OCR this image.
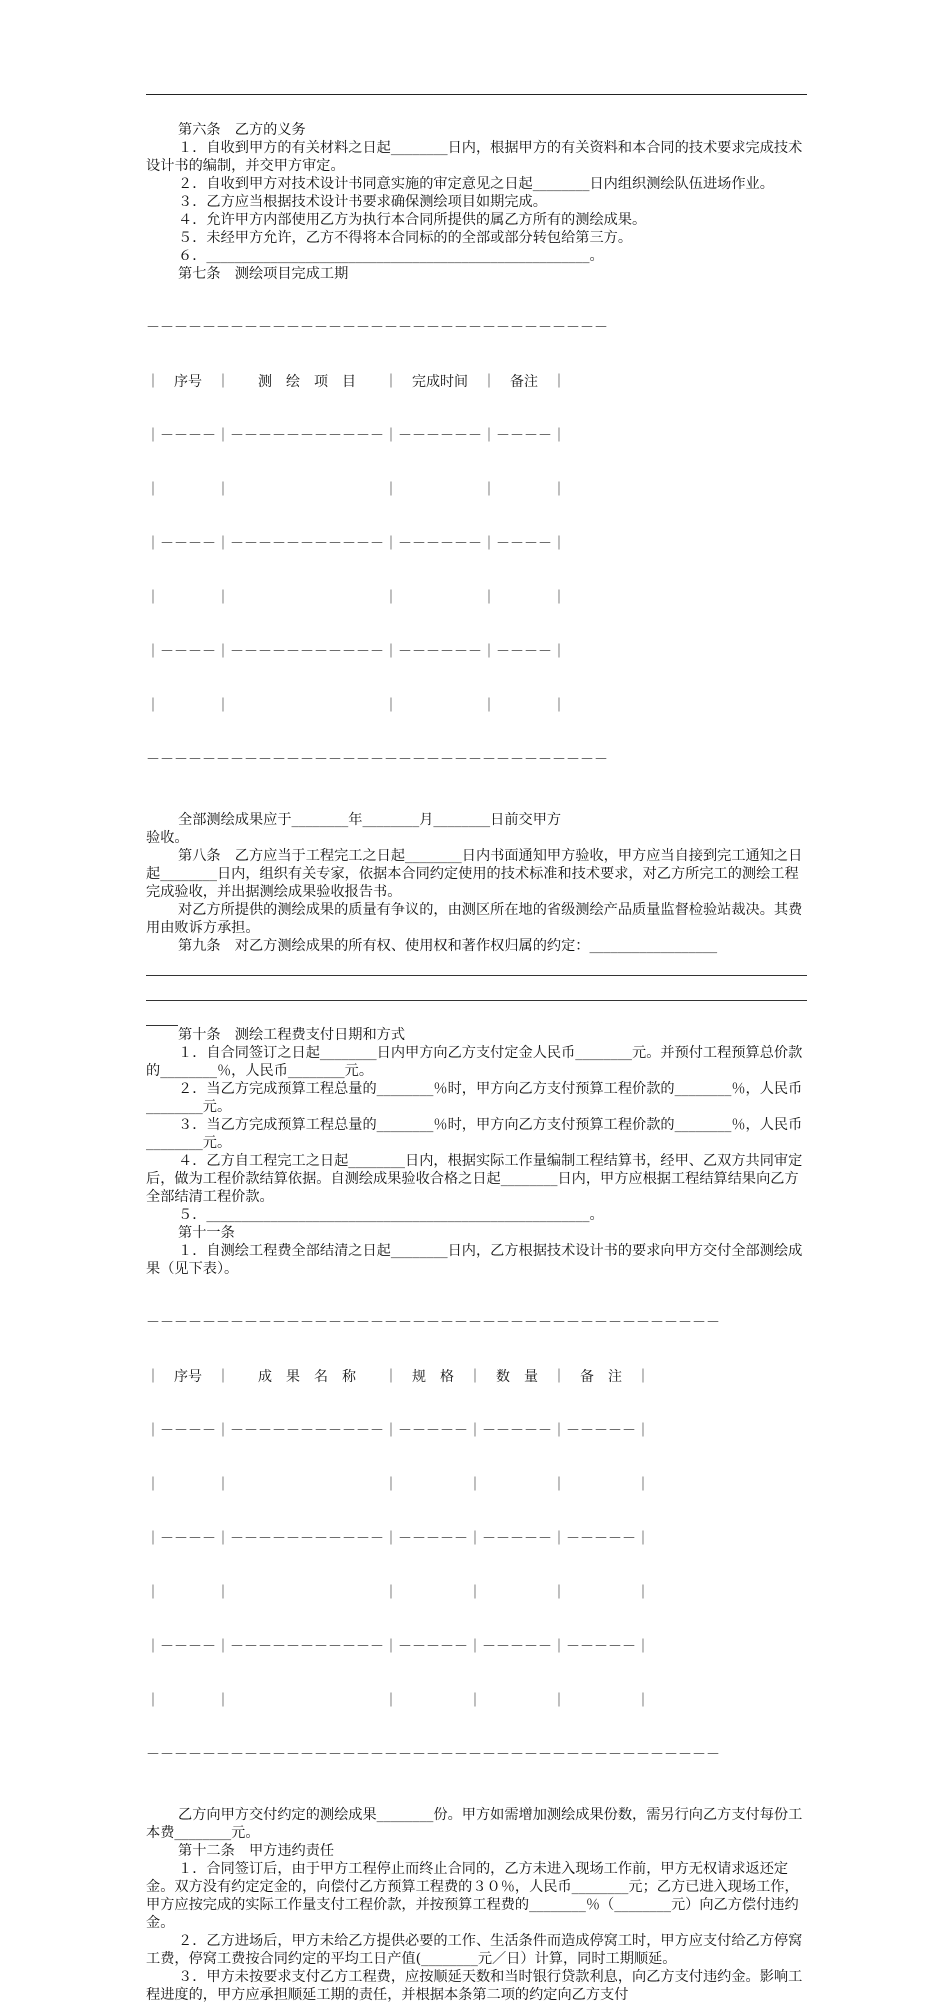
第六条　乙方的义务

１．自收到甲方的有关材料之日起________日内，根据甲方的有关资料和本合同的技术要求完成技术设计书的编制，并交甲方审定。

２．自收到甲方对技术设计书同意实施的审定意见之日起________日内组织测绘队伍进场作业。

３．乙方应当根据技术设计书要求确保测绘项目如期完成。

４．允许甲方内部使用乙方为执行本合同所提供的属乙方所有的测绘成果。

５．未经甲方允许，乙方不得将本合同标的的全部或部分转包给第三方。

６．______________________________________________________。

第七条　测绘项目完成工期

－－－－－－－－－－－－－－－－－－－－－－－－－－－－－－－－－

｜　序号　｜　　测　绘　项　目　　｜　完成时间　｜　备注　｜

｜－－－－｜－－－－－－－－－－－｜－－－－－－｜－－－－｜

｜　　　　｜　　　　　　　　　　　｜　　　　　　｜　　　　｜

｜－－－－｜－－－－－－－－－－－｜－－－－－－｜－－－－｜

｜　　　　｜　　　　　　　　　　　｜　　　　　　｜　　　　｜

｜－－－－｜－－－－－－－－－－－｜－－－－－－｜－－－－｜

｜　　　　｜　　　　　　　　　　　｜　　　　　　｜　　　　｜

－－－－－－－－－－－－－－－－－－－－－－－－－－－－－－－－－

全部测绘成果应于________年________月________日前交甲方

验收。

第八条　乙方应当于工程完工之日起________日内书面通知甲方验收，甲方应当自接到完工通知之日起________日内，组织有关专家，依据本合同约定使用的技术标准和技术要求，对乙方所完工的测绘工程完成验收，并出据测绘成果验收报告书。

对乙方所提供的测绘成果的质量有争议的，由测区所在地的省级测绘产品质量监督检验站裁决。其费用由败诉方承担。

第九条　对乙方测绘成果的所有权、使用权和著作权归属的约定：__________________

第十条　测绘工程费支付日期和方式

１．自合同签订之日起________日内甲方向乙方支付定金人民币________元。并预付工程预算总价款的________％，人民币________元。

２．当乙方完成预算工程总量的________％时，甲方向乙方支付预算工程价款的________％，人民币________元。

３．当乙方完成预算工程总量的________％时，甲方向乙方支付预算工程价款的________％，人民币________元。

４．乙方自工程完工之日起________日内，根据实际工作量编制工程结算书，经甲、乙双方共同审定后，做为工程价款结算依据。自测绘成果验收合格之日起________日内，甲方应根据工程结算结果向乙方全部结清工程价款。

５．______________________________________________________。

第十一条

１．自测绘工程费全部结清之日起________日内，乙方根据技术设计书的要求向甲方交付全部测绘成果（见下表）。

－－－－－－－－－－－－－－－－－－－－－－－－－－－－－－－－－－－－－－－－－

｜　序号　｜　　成　果　名　称　　｜　规　格　｜　数　量　｜　备　注　｜

｜－－－－｜－－－－－－－－－－－｜－－－－－｜－－－－－｜－－－－－｜

｜　　　　｜　　　　　　　　　　　｜　　　　　｜　　　　　｜　　　　　｜

｜－－－－｜－－－－－－－－－－－｜－－－－－｜－－－－－｜－－－－－｜

｜　　　　｜　　　　　　　　　　　｜　　　　　｜　　　　　｜　　　　　｜

｜－－－－｜－－－－－－－－－－－｜－－－－－｜－－－－－｜－－－－－｜

｜　　　　｜　　　　　　　　　　　｜　　　　　｜　　　　　｜　　　　　｜

－－－－－－－－－－－－－－－－－－－－－－－－－－－－－－－－－－－－－－－－－

乙方向甲方交付约定的测绘成果________份。甲方如需增加测绘成果份数，需另行向乙方支付每份工本费________元。

第十二条　甲方违约责任

１．合同签订后，由于甲方工程停止而终止合同的，乙方未进入现场工作前，甲方无权请求返还定金。双方没有约定定金的，向偿付乙方预算工程费的３０％，人民币________元；乙方已进入现场工作，甲方应按完成的实际工作量支付工程价款，并按预算工程费的________％（________元）向乙方偿付违约金。

２．乙方进场后，甲方未给乙方提供必要的工作、生活条件而造成停窝工时，甲方应支付给乙方停窝工费，停窝工费按合同约定的平均工日产值(________元／日）计算，同时工期顺延。

３．甲方未按要求支付乙方工程费，应按顺延天数和当时银行贷款利息，向乙方支付违约金。影响工程进度的，甲方应承担顺延工期的责任，并根据本条第二项的约定向乙方支付
